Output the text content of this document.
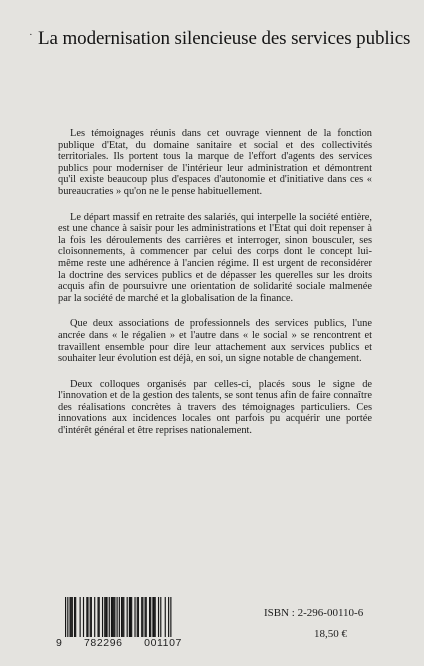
· La modernisation silencieuse des services publics

Les témoignages réunis dans cet ouvrage viennent de la fonction publique d'Etat, du domaine sanitaire et social et des collectivités territoriales. Ils portent tous la marque de l'effort d'agents des services publics pour moderniser de l'intérieur leur administration et démontrent qu'il existe beaucoup plus d'espaces d'autonomie et d'initiative dans ces « bureaucraties » qu'on ne le pense habituellement.

Le départ massif en retraite des salariés, qui interpelle la société entière, est une chance à saisir pour les administrations et l'Etat qui doit repenser à la fois les déroulements des carrières et interroger, sinon bousculer, ses cloisonnements, à commencer par celui des corps dont le concept lui-même reste une adhérence à l'ancien régime. Il est urgent de reconsidérer la doctrine des services publics et de dépasser les querelles sur les droits acquis afin de poursuivre une orientation de solidarité sociale malmenée par la société de marché et la globalisation de la finance.

Que deux associations de professionnels des services publics, l'une ancrée dans « le régalien » et l'autre dans « le social » se rencontrent et travaillent ensemble pour dire leur attachement aux services publics et souhaiter leur évolution est déjà, en soi, un signe notable de changement.

Deux colloques organisés par celles-ci, placés sous le signe de l'innovation et de la gestion des talents, se sont tenus afin de faire connaître des réalisations concrètes à travers des témoignages particuliers. Ces innovations aux incidences locales ont parfois pu acquérir une portée d'intérêt général et être reprises nationalement.

9 782296 001107
ISBN : 2-296-00110-6
18,50 €
